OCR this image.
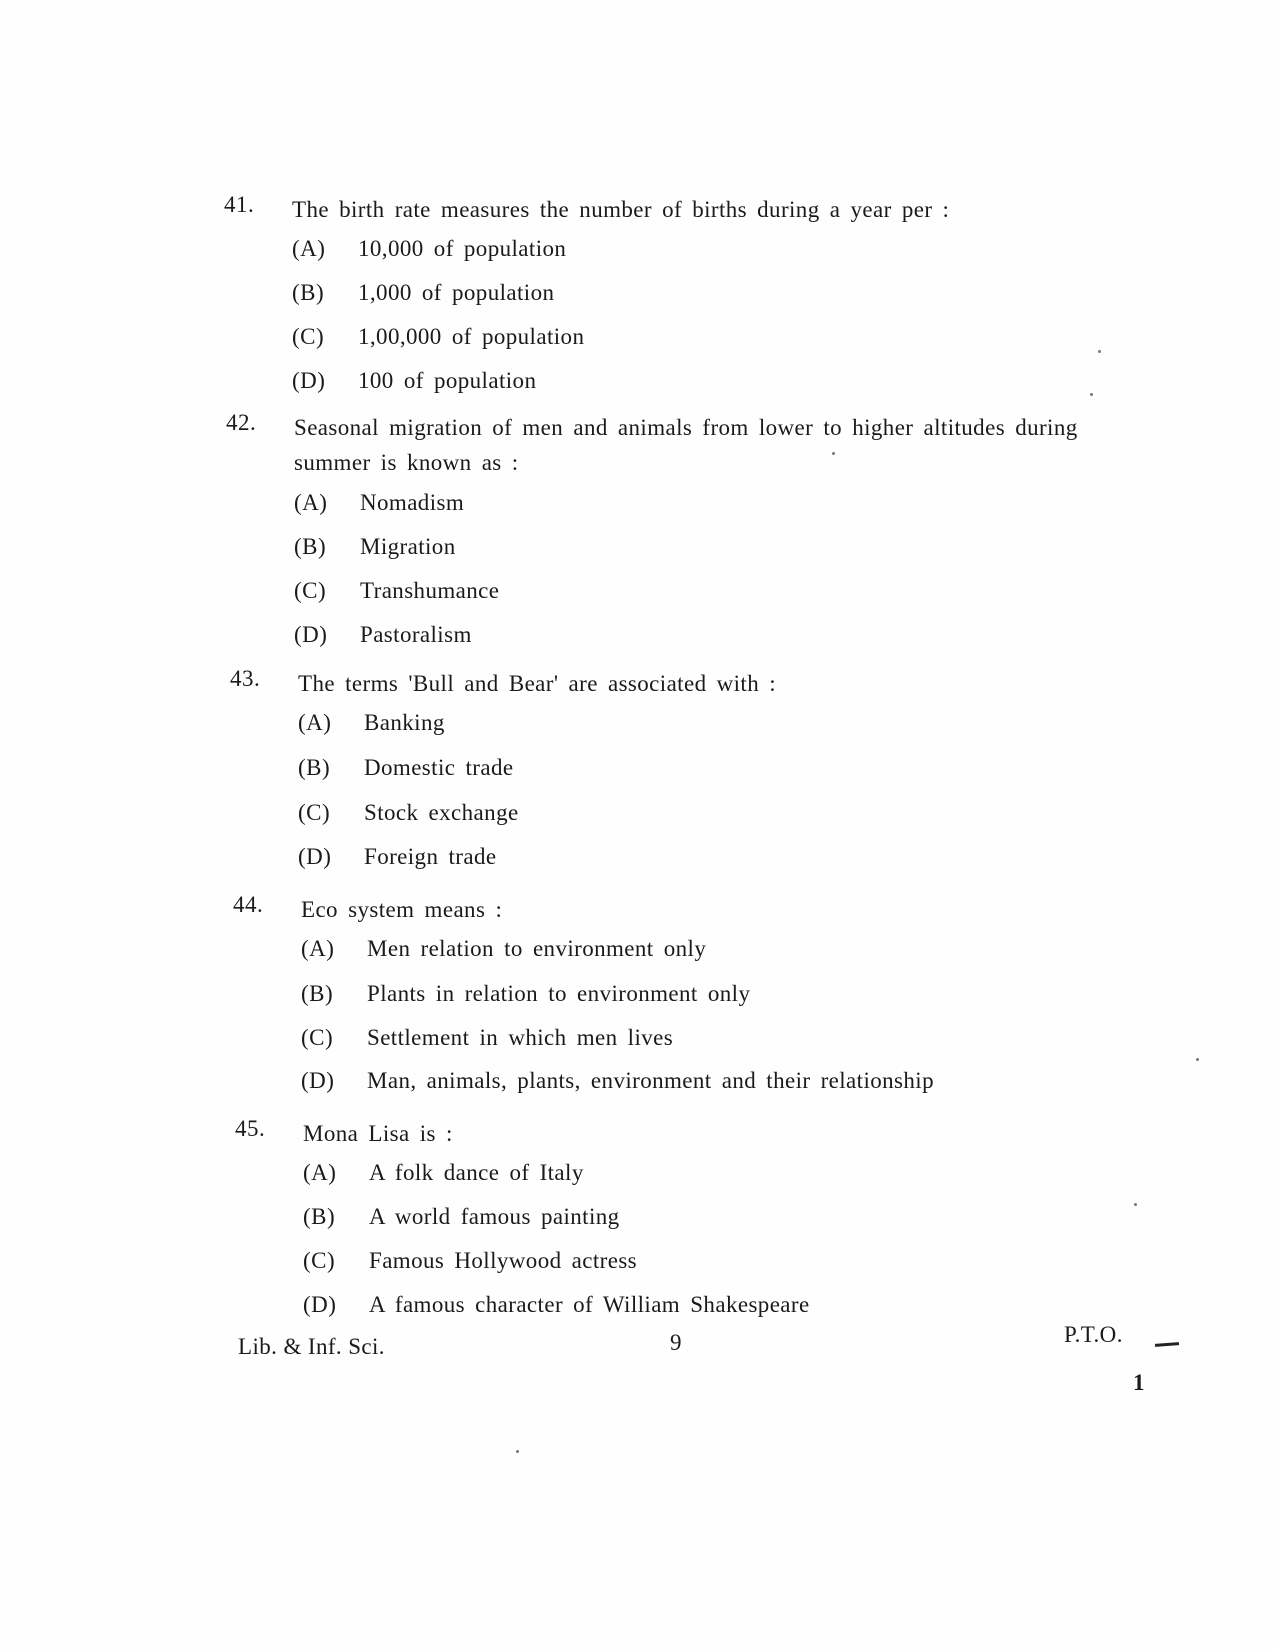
41. The birth rate measures the number of births during a year per :
(A) 10,000 of population
(B) 1,000 of population
(C) 1,00,000 of population
(D) 100 of population
42. Seasonal migration of men and animals from lower to higher altitudes during summer is known as :
(A) Nomadism
(B) Migration
(C) Transhumance
(D) Pastoralism
43. The terms 'Bull and Bear' are associated with :
(A) Banking
(B) Domestic trade
(C) Stock exchange
(D) Foreign trade
44. Eco system means :
(A) Men relation to environment only
(B) Plants in relation to environment only
(C) Settlement in which men lives
(D) Man, animals, plants, environment and their relationship
45. Mona Lisa is :
(A) A folk dance of Italy
(B) A world famous painting
(C) Famous Hollywood actress
(D) A famous character of William Shakespeare
Lib. & Inf. Sci.	9	P.T.O.
1
